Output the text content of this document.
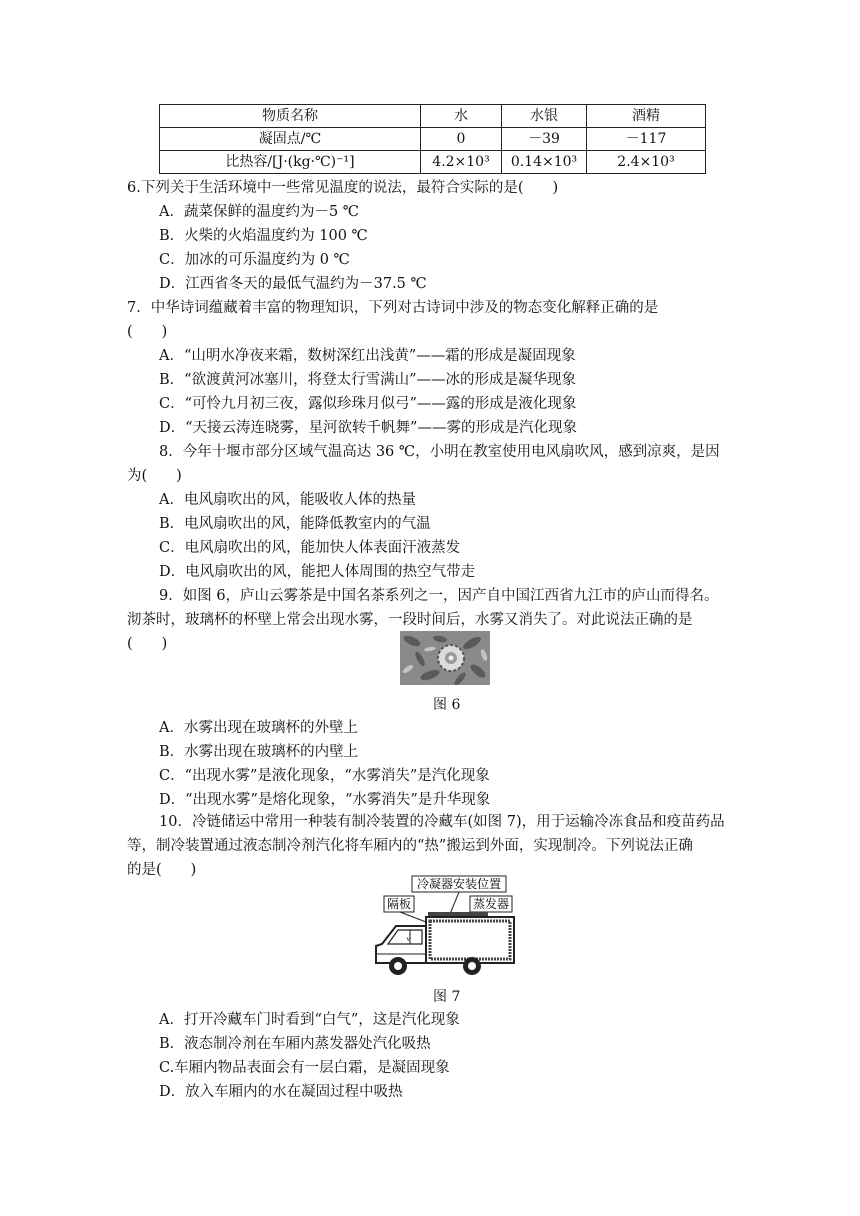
物质名称	水	水银	酒精
凝固点/℃	0	－39	－117
比热容/[J·(kg·℃)⁻¹]	4.2×10³	0.14×10³	2.4×10³
6.下列关于生活环境中一些常见温度的说法，最符合实际的是(　　)
A．蔬菜保鲜的温度约为－5 ℃
B．火柴的火焰温度约为 100 ℃
C．加冰的可乐温度约为 0 ℃
D．江西省冬天的最低气温约为－37.5 ℃
7．中华诗词蕴藏着丰富的物理知识，下列对古诗词中涉及的物态变化解释正确的是
(　　)
A．“山明水净夜来霜，数树深红出浅黄”——霜的形成是凝固现象
B．“欲渡黄河冰塞川，将登太行雪满山”——冰的形成是凝华现象
C．“可怜九月初三夜，露似珍珠月似弓”——露的形成是液化现象
D．“天接云涛连晓雾，星河欲转千帆舞”——雾的形成是汽化现象
8．今年十堰市部分区域气温高达 36 ℃，小明在教室使用电风扇吹风，感到凉爽，是因
为(　　)
A．电风扇吹出的风，能吸收人体的热量
B．电风扇吹出的风，能降低教室内的气温
C．电风扇吹出的风，能加快人体表面汗液蒸发
D．电风扇吹出的风，能把人体周围的热空气带走
9．如图 6，庐山云雾茶是中国名茶系列之一，因产自中国江西省九江市的庐山而得名。
沏茶时，玻璃杯的杯壁上常会出现水雾，一段时间后，水雾又消失了。对此说法正确的是
(　　)
图 6
A．水雾出现在玻璃杯的外壁上
B．水雾出现在玻璃杯的内壁上
C．“出现水雾”是液化现象，“水雾消失”是汽化现象
D．“出现水雾”是熔化现象，“水雾消失”是升华现象
10．冷链储运中常用一种装有制冷装置的冷藏车(如图 7)，用于运输冷冻食品和疫苗药品
等，制冷装置通过液态制冷剂汽化将车厢内的“热”搬运到外面，实现制冷。下列说法正确
的是(　　)
冷凝器安装位置
隔板	蒸发器
√
图 7
A．打开冷藏车门时看到“白气”，这是汽化现象
B．液态制冷剂在车厢内蒸发器处汽化吸热
C.车厢内物品表面会有一层白霜，是凝固现象
D．放入车厢内的水在凝固过程中吸热
